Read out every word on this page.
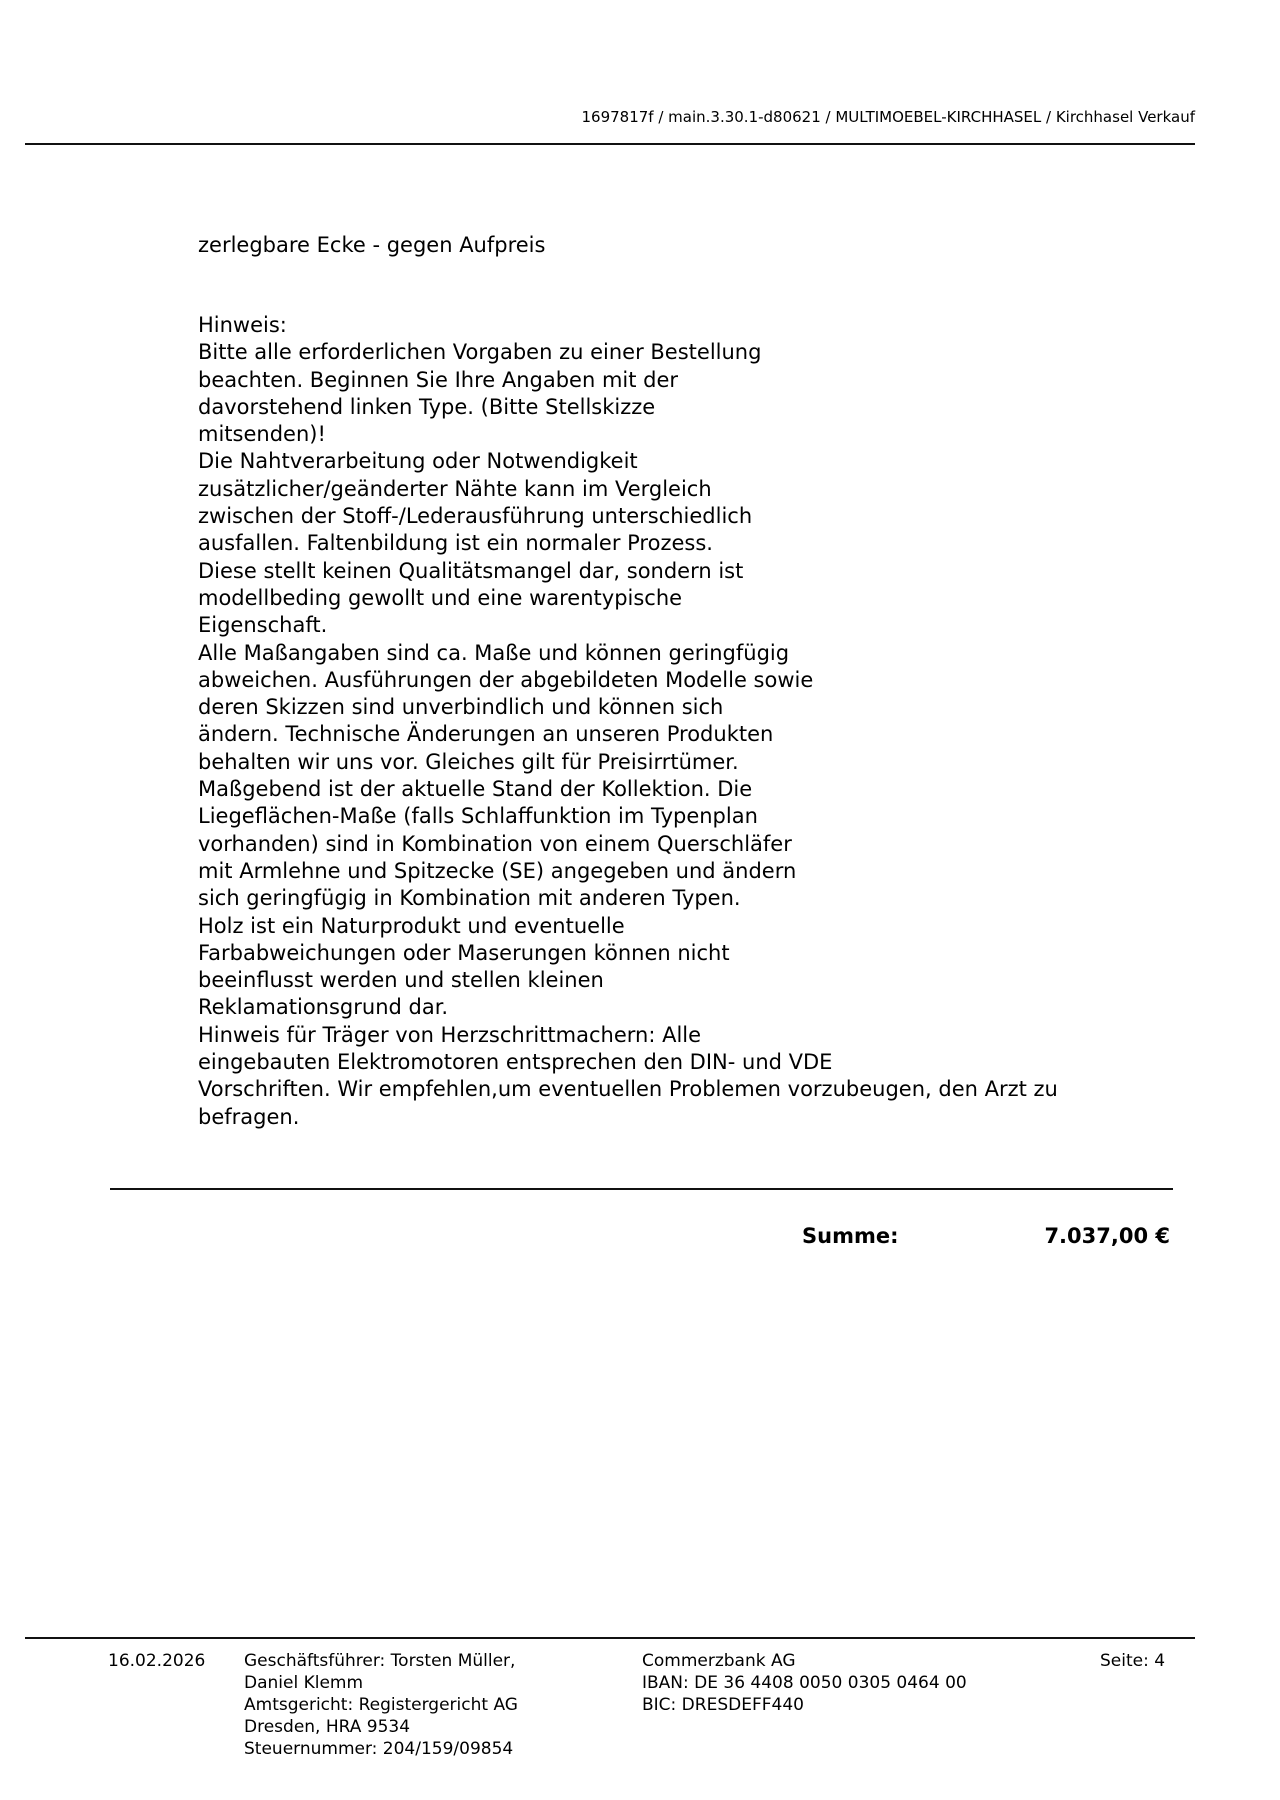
1697817f / main.3.30.1-d80621 / MULTIMOEBEL-KIRCHHASEL / Kirchhasel Verkauf
zerlegbare Ecke - gegen Aufpreis
Hinweis:
Bitte alle erforderlichen Vorgaben zu einer Bestellung
beachten. Beginnen Sie Ihre Angaben mit der
davorstehend linken Type. (Bitte Stellskizze
mitsenden)!
Die Nahtverarbeitung oder Notwendigkeit
zusätzlicher/geänderter Nähte kann im Vergleich
zwischen der Stoff-/Lederausführung unterschiedlich
ausfallen. Faltenbildung ist ein normaler Prozess.
Diese stellt keinen Qualitätsmangel dar, sondern ist
modellbeding gewollt und eine warentypische
Eigenschaft.
Alle Maßangaben sind ca. Maße und können geringfügig
abweichen. Ausführungen der abgebildeten Modelle sowie
deren Skizzen sind unverbindlich und können sich
ändern. Technische Änderungen an unseren Produkten
behalten wir uns vor. Gleiches gilt für Preisirrtümer.
Maßgebend ist der aktuelle Stand der Kollektion. Die
Liegeflächen-Maße (falls Schlaffunktion im Typenplan
vorhanden) sind in Kombination von einem Querschläfer
mit Armlehne und Spitzecke (SE) angegeben und ändern
sich geringfügig in Kombination mit anderen Typen.
Holz ist ein Naturprodukt und eventuelle
Farbabweichungen oder Maserungen können nicht
beeinflusst werden und stellen kleinen
Reklamationsgrund dar.
Hinweis für Träger von Herzschrittmachern: Alle
eingebauten Elektromotoren entsprechen den DIN- und VDE
Vorschriften. Wir empfehlen,um eventuellen Problemen vorzubeugen, den Arzt zu
befragen.
Summe:	7.037,00 €
16.02.2026 Geschäftsführer: Torsten Müller,
Daniel Klemm
Amtsgericht: Registergericht AG
Dresden, HRA 9534
Steuernummer: 204/159/09854
Commerzbank AG
IBAN: DE 36 4408 0050 0305 0464 00
BIC: DRESDEFF440
Seite: 4
